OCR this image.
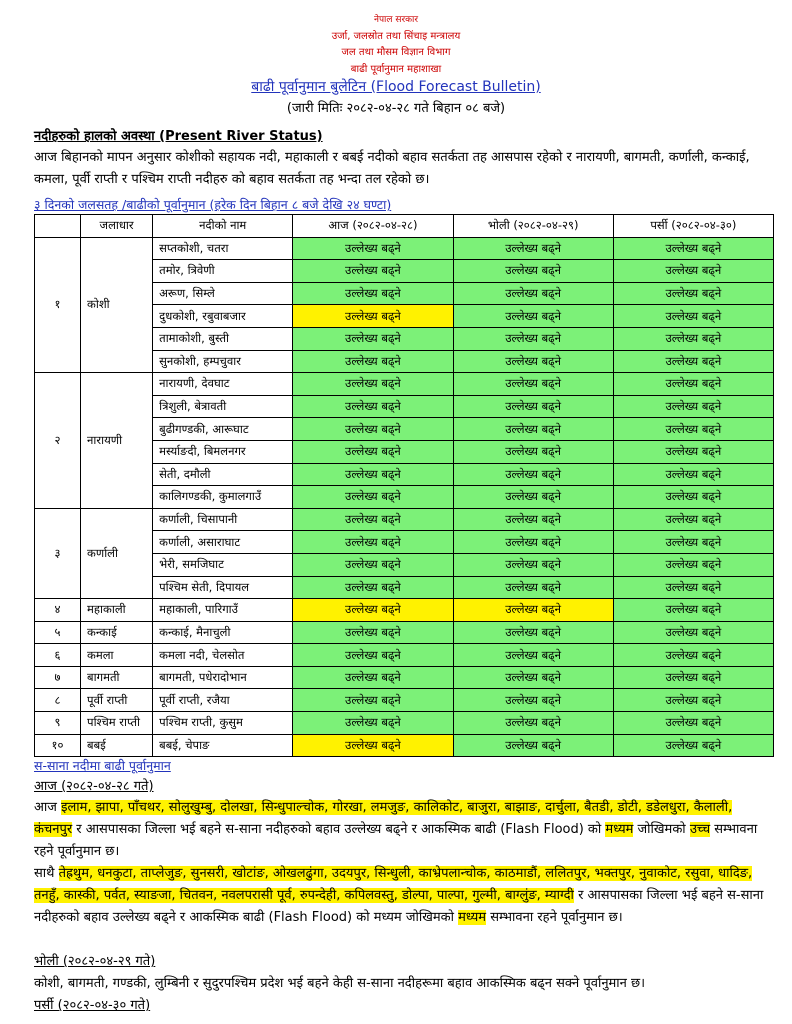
नेपाल सरकार
उर्जा, जलस्रोत तथा सिंचाइ मन्त्रालय
जल तथा मौसम विज्ञान विभाग
बाढी पूर्वानुमान महाशाखा
बाढी पूर्वानुमान बुलेटिन (Flood Forecast Bulletin)
(जारी मितिः २०८२-०४-२८ गते बिहान ०८ बजे)
नदीहरुको हालको अवस्था (Present River Status)
आज बिहानको मापन अनुसार कोशीको सहायक नदी, महाकाली र बबई नदीको बहाव सतर्कता तह आसपास रहेको र नारायणी, बागमती, कर्णाली, कन्काई, कमला, पूर्वी राप्ती र पश्चिम राप्ती नदीहरु को बहाव सतर्कता तह भन्दा तल रहेको छ।
३ दिनको जलसतह /बाढीको पूर्वानुमान (हरेक दिन बिहान ८ बजे देखि २४ घण्टा)
	जलाधार	नदीको नाम	आज (२०८२-०४-२८)	भोली (२०८२-०४-२९)	पर्सी (२०८२-०४-३०)
१	कोशी	सप्तकोशी, चतरा	उल्लेख्य बढ्ने	उल्लेख्य बढ्ने	उल्लेख्य बढ्ने
		तमोर, त्रिवेणी	उल्लेख्य बढ्ने	उल्लेख्य बढ्ने	उल्लेख्य बढ्ने
		अरूण, सिम्ले	उल्लेख्य बढ्ने	उल्लेख्य बढ्ने	उल्लेख्य बढ्ने
		दुधकोशी, रबुवाबजार	उल्लेख्य बढ्ने	उल्लेख्य बढ्ने	उल्लेख्य बढ्ने
		तामाकोशी, बुस्ती	उल्लेख्य बढ्ने	उल्लेख्य बढ्ने	उल्लेख्य बढ्ने
		सुनकोशी, हम्पचुवार	उल्लेख्य बढ्ने	उल्लेख्य बढ्ने	उल्लेख्य बढ्ने
२	नारायणी	नारायणी, देवघाट	उल्लेख्य बढ्ने	उल्लेख्य बढ्ने	उल्लेख्य बढ्ने
		त्रिशुली, बेत्रावती	उल्लेख्य बढ्ने	उल्लेख्य बढ्ने	उल्लेख्य बढ्ने
		बुढीगण्डकी, आरूघाट	उल्लेख्य बढ्ने	उल्लेख्य बढ्ने	उल्लेख्य बढ्ने
		मर्स्याङदी, बिमलनगर	उल्लेख्य बढ्ने	उल्लेख्य बढ्ने	उल्लेख्य बढ्ने
		सेती, दमौली	उल्लेख्य बढ्ने	उल्लेख्य बढ्ने	उल्लेख्य बढ्ने
		कालिगण्डकी, कुमालगाउँ	उल्लेख्य बढ्ने	उल्लेख्य बढ्ने	उल्लेख्य बढ्ने
३	कर्णाली	कर्णाली, चिसापानी	उल्लेख्य बढ्ने	उल्लेख्य बढ्ने	उल्लेख्य बढ्ने
		कर्णाली, असाराघाट	उल्लेख्य बढ्ने	उल्लेख्य बढ्ने	उल्लेख्य बढ्ने
		भेरी, समजिघाट	उल्लेख्य बढ्ने	उल्लेख्य बढ्ने	उल्लेख्य बढ्ने
		पश्चिम सेती, दिपायल	उल्लेख्य बढ्ने	उल्लेख्य बढ्ने	उल्लेख्य बढ्ने
४	महाकाली	महाकाली, पारिगाउँ	उल्लेख्य बढ्ने	उल्लेख्य बढ्ने	उल्लेख्य बढ्ने
५	कन्काई	कन्काई, मैनाचुली	उल्लेख्य बढ्ने	उल्लेख्य बढ्ने	उल्लेख्य बढ्ने
६	कमला	कमला नदी, चेलसोत	उल्लेख्य बढ्ने	उल्लेख्य बढ्ने	उल्लेख्य बढ्ने
७	बागमती	बागमती, पधेरादोभान	उल्लेख्य बढ्ने	उल्लेख्य बढ्ने	उल्लेख्य बढ्ने
८	पूर्वी राप्ती	पूर्वी राप्ती, रजैया	उल्लेख्य बढ्ने	उल्लेख्य बढ्ने	उल्लेख्य बढ्ने
९	पश्चिम राप्ती	पश्चिम राप्ती, कुसुम	उल्लेख्य बढ्ने	उल्लेख्य बढ्ने	उल्लेख्य बढ्ने
१०	बबई	बबई, चेपाङ	उल्लेख्य बढ्ने	उल्लेख्य बढ्ने	उल्लेख्य बढ्ने
स-साना नदीमा बाढी पूर्वानुमान
आज (२०८२-०४-२८ गते)
आज इलाम, झापा, पाँचथर, सोलुखुम्बु, दोलखा, सिन्धुपाल्चोक, गोरखा, लमजुङ, कालिकोट, बाजुरा, बाझाङ, दार्चुला, बैतडी, डोटी, डडेलधुरा, कैलाली, कंचनपुर र आसपासका जिल्ला भई बहने स-साना नदीहरुको बहाव उल्लेख्य बढ्ने र आकस्मिक बाढी (Flash Flood) को मध्यम जोखिमको उच्च सम्भावना रहने पूर्वानुमान छ।
साथै तेह्रथुम, धनकुटा, ताप्लेजुङ, सुनसरी, खोटांङ, ओखलढुंगा, उदयपुर, सिन्धुली, काभ्रेपलान्चोक, काठमाडौं, ललितपुर, भक्तपुर, नुवाकोट, रसुवा, धादिङ, तनहुँ, कास्की, पर्वत, स्याङजा, चितवन, नवलपरासी पूर्व, रुपन्देही, कपिलवस्तु, डोल्पा, पाल्पा, गुल्मी, बाग्लुंङ, म्याग्दी र आसपासका जिल्ला भई बहने स-साना नदीहरुको बहाव उल्लेख्य बढ्ने र आकस्मिक बाढी (Flash Flood) को मध्यम जोखिमको मध्यम सम्भावना रहने पूर्वानुमान छ।
भोली (२०८२-०४-२९ गते)
कोशी, बागमती, गण्डकी, लुम्बिनी र सुदुरपश्चिम प्रदेश भई बहने केही स-साना नदीहरूमा बहाव आकस्मिक बढ्न सक्ने पूर्वानुमान छ।
पर्सी (२०८२-०४-३० गते)
